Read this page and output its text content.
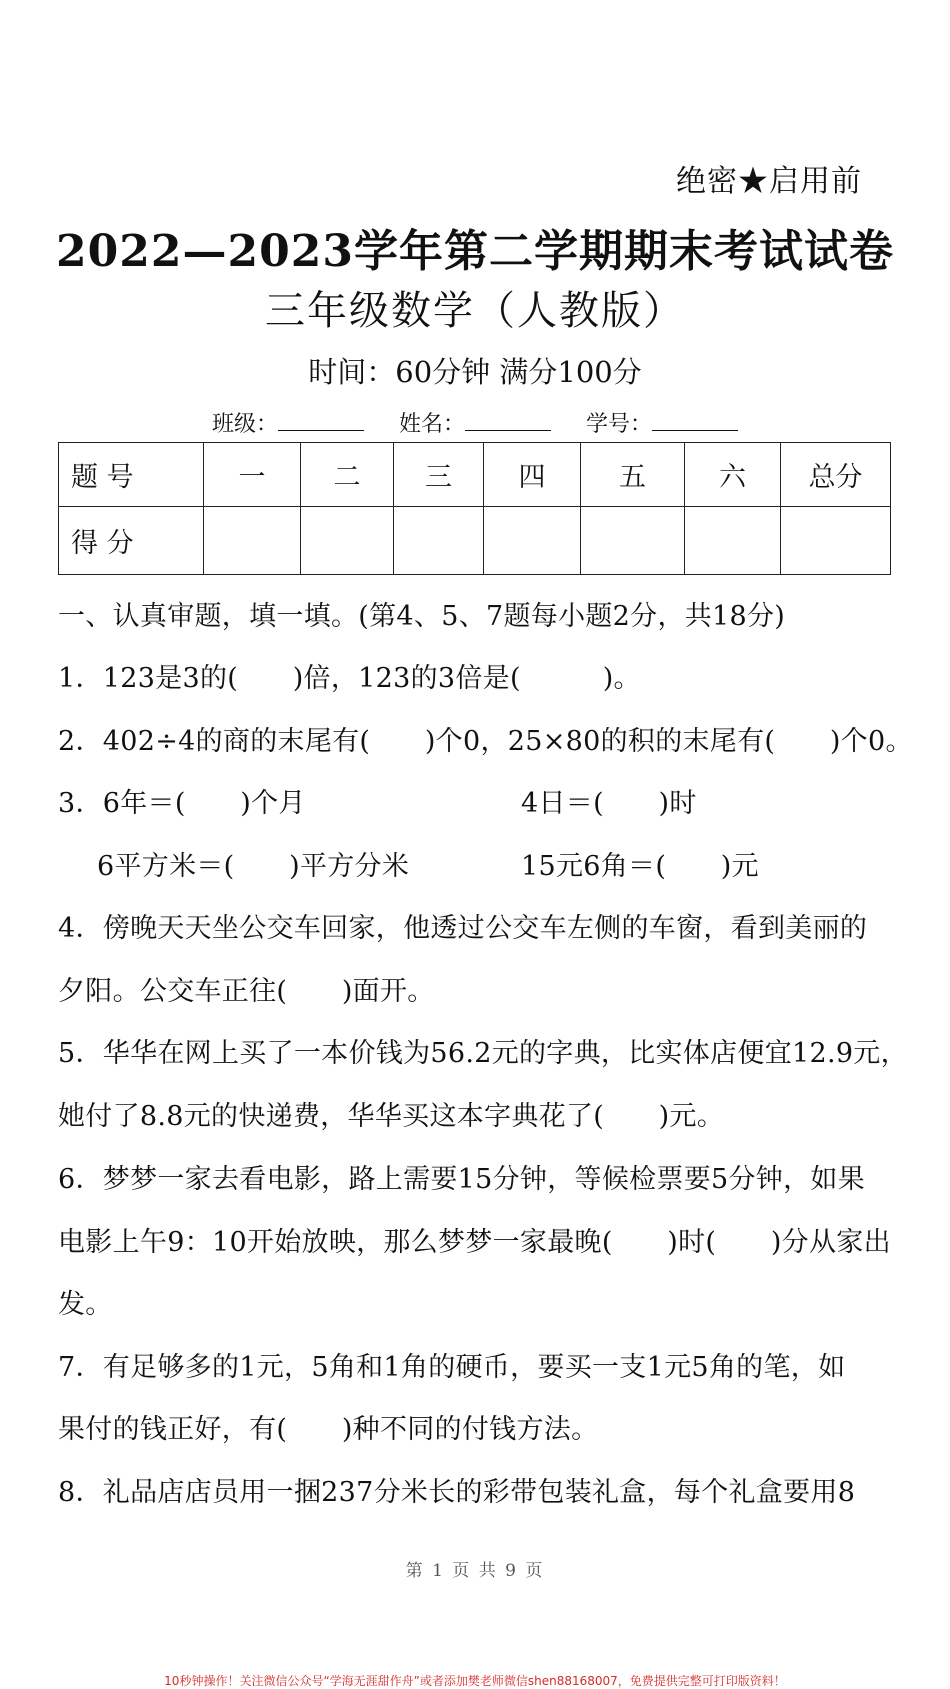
绝密★启用前
2022—2023学年第二学期期末考试试卷
三年级数学（人教版）
时间：60分钟 满分100分
班级：	姓名：	学号：
题 号	一	二	三	四	五	六	总分
得 分							
一、认真审题，填一填。(第4、5、7题每小题2分，共18分)
1．123是3的(　　)倍，123的3倍是(　　　)。
2．402÷4的商的末尾有(　　)个0，25×80的积的末尾有(　　)个0。
3．6年＝(　　)个月	4日＝(　　)时
6平方米＝(　　)平方分米	15元6角＝(　　)元
4．傍晚天天坐公交车回家，他透过公交车左侧的车窗，看到美丽的
夕阳。公交车正往(　　)面开。
5．华华在网上买了一本价钱为56.2元的字典，比实体店便宜12.9元，
她付了8.8元的快递费，华华买这本字典花了(　　)元。
6．梦梦一家去看电影，路上需要15分钟，等候检票要5分钟，如果
电影上午9：10开始放映，那么梦梦一家最晚(　　)时(　　)分从家出
发。
7．有足够多的1元，5角和1角的硬币，要买一支1元5角的笔，如
果付的钱正好，有(　　)种不同的付钱方法。
8．礼品店店员用一捆237分米长的彩带包装礼盒，每个礼盒要用8
第 1 页 共 9 页
10秒钟操作！关注微信公众号“学海无涯甜作舟”或者添加樊老师微信shen88168007，免费提供完整可打印版资料！
